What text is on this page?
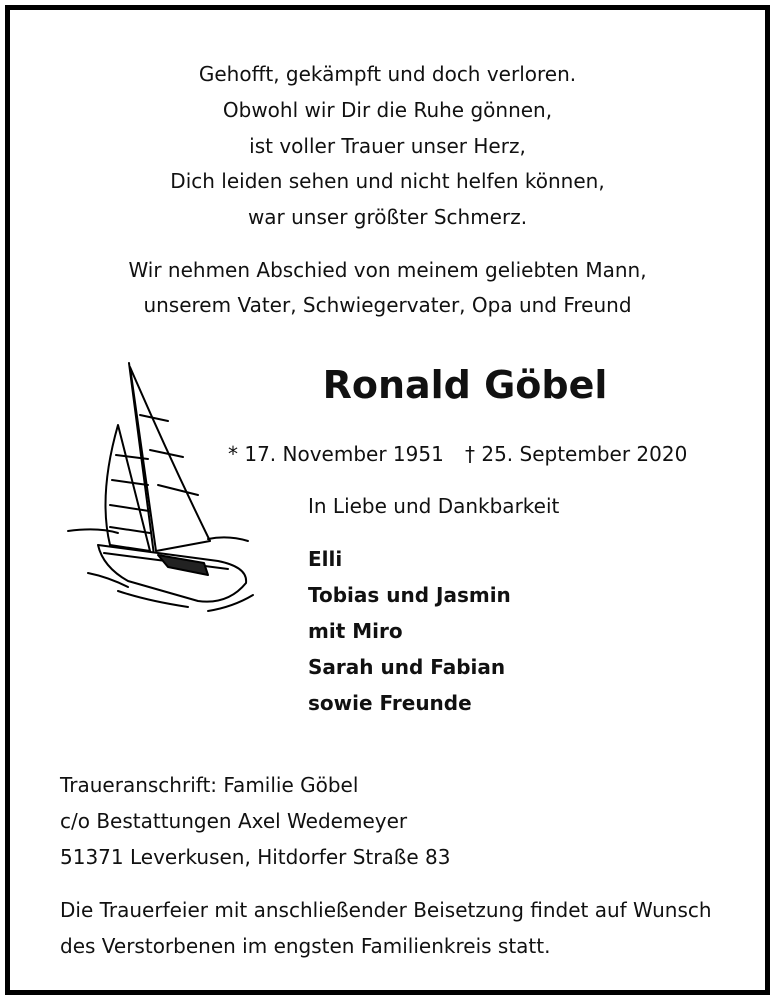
Gehofft, gekämpft und doch verloren.
Obwohl wir Dir die Ruhe gönnen,
ist voller Trauer unser Herz,
Dich leiden sehen und nicht helfen können,
war unser größter Schmerz.
Wir nehmen Abschied von meinem geliebten Mann,
unserem Vater, Schwiegervater, Opa und Freund
Ronald Göbel
* 17. November 1951 † 25. September 2020
In Liebe und Dankbarkeit
Elli
Tobias und Jasmin
mit Miro
Sarah und Fabian
sowie Freunde
Traueranschrift: Familie Göbel
c/o Bestattungen Axel Wedemeyer
51371 Leverkusen, Hitdorfer Straße 83
Die Trauerfeier mit anschließender Beisetzung findet auf Wunsch
des Verstorbenen im engsten Familienkreis statt.
